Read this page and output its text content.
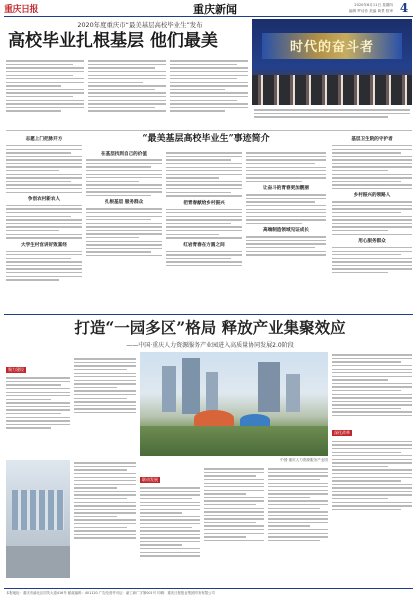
重庆日报	重庆新闻	2020年6月11日 星期四
编辑 罗诗音 美编 黄景 校审 4
2020年度重庆市“最美基层高校毕业生”发布
高校毕业扎根基层 他们最美	时代的奋斗者
志愿上门把脉开方
争创农村新农人
大学生村官讲好致富经
“最美基层高校毕业生”事迹简介
在基层找到自己的价值
扎根基层 服务群众	把青春献给乡村振兴
红岩青春在方圆之间
让奋斗的青春更加靓丽
高端制造领域见证成长
基层卫生院的守护者
乡村振兴的领路人
用心服务群众
打造“一园多区”格局 释放产业集聚效应
——中国·重庆人力资源服务产业园进入高质量协同发展2.0阶段
聚力建设
中国·重庆人力资源服务产业园
深化改革
联动发展
本报地址：重庆市渝北区同茂大道416号 邮政编码：401120 广告经营许可证：渝工商广字第001号 印刷：重庆日报报业集团印务有限公司
